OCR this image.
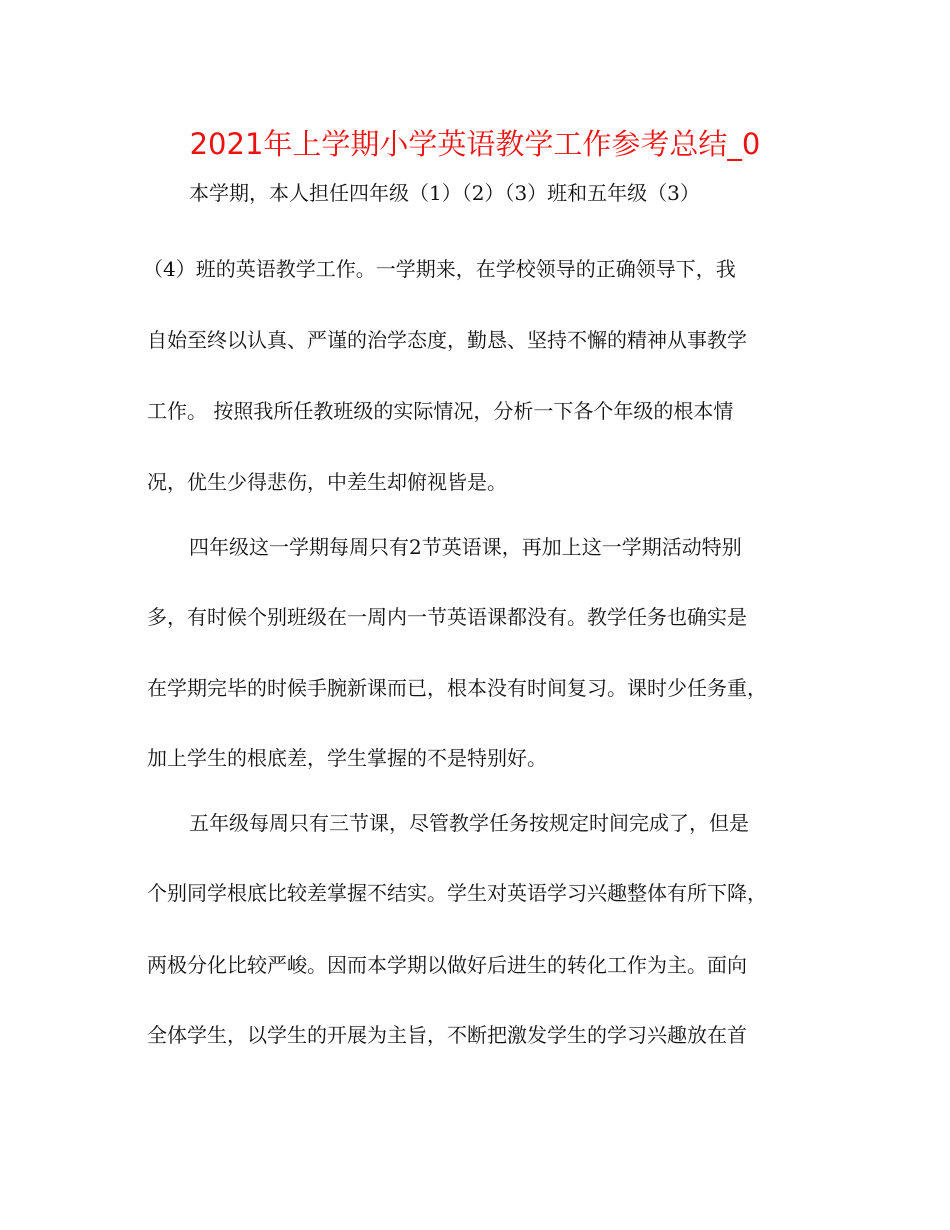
2021年上学期小学英语教学工作参考总结_0
本学期，本人担任四年级（1）（2）（3）班和五年级（3）
（4）班的英语教学工作。一学期来，在学校领导的正确领导下，我
自始至终以认真、严谨的治学态度，勤恳、坚持不懈的精神从事教学
工作。 按照我所任教班级的实际情况，分析一下各个年级的根本情
况，优生少得悲伤，中差生却俯视皆是。
四年级这一学期每周只有2节英语课，再加上这一学期活动特别
多，有时候个别班级在一周内一节英语课都没有。教学任务也确实是
在学期完毕的时候手腕新课而已，根本没有时间复习。课时少任务重，
加上学生的根底差，学生掌握的不是特别好。
五年级每周只有三节课，尽管教学任务按规定时间完成了，但是
个别同学根底比较差掌握不结实。学生对英语学习兴趣整体有所下降，
两极分化比较严峻。因而本学期以做好后进生的转化工作为主。面向
全体学生，以学生的开展为主旨，不断把激发学生的学习兴趣放在首
